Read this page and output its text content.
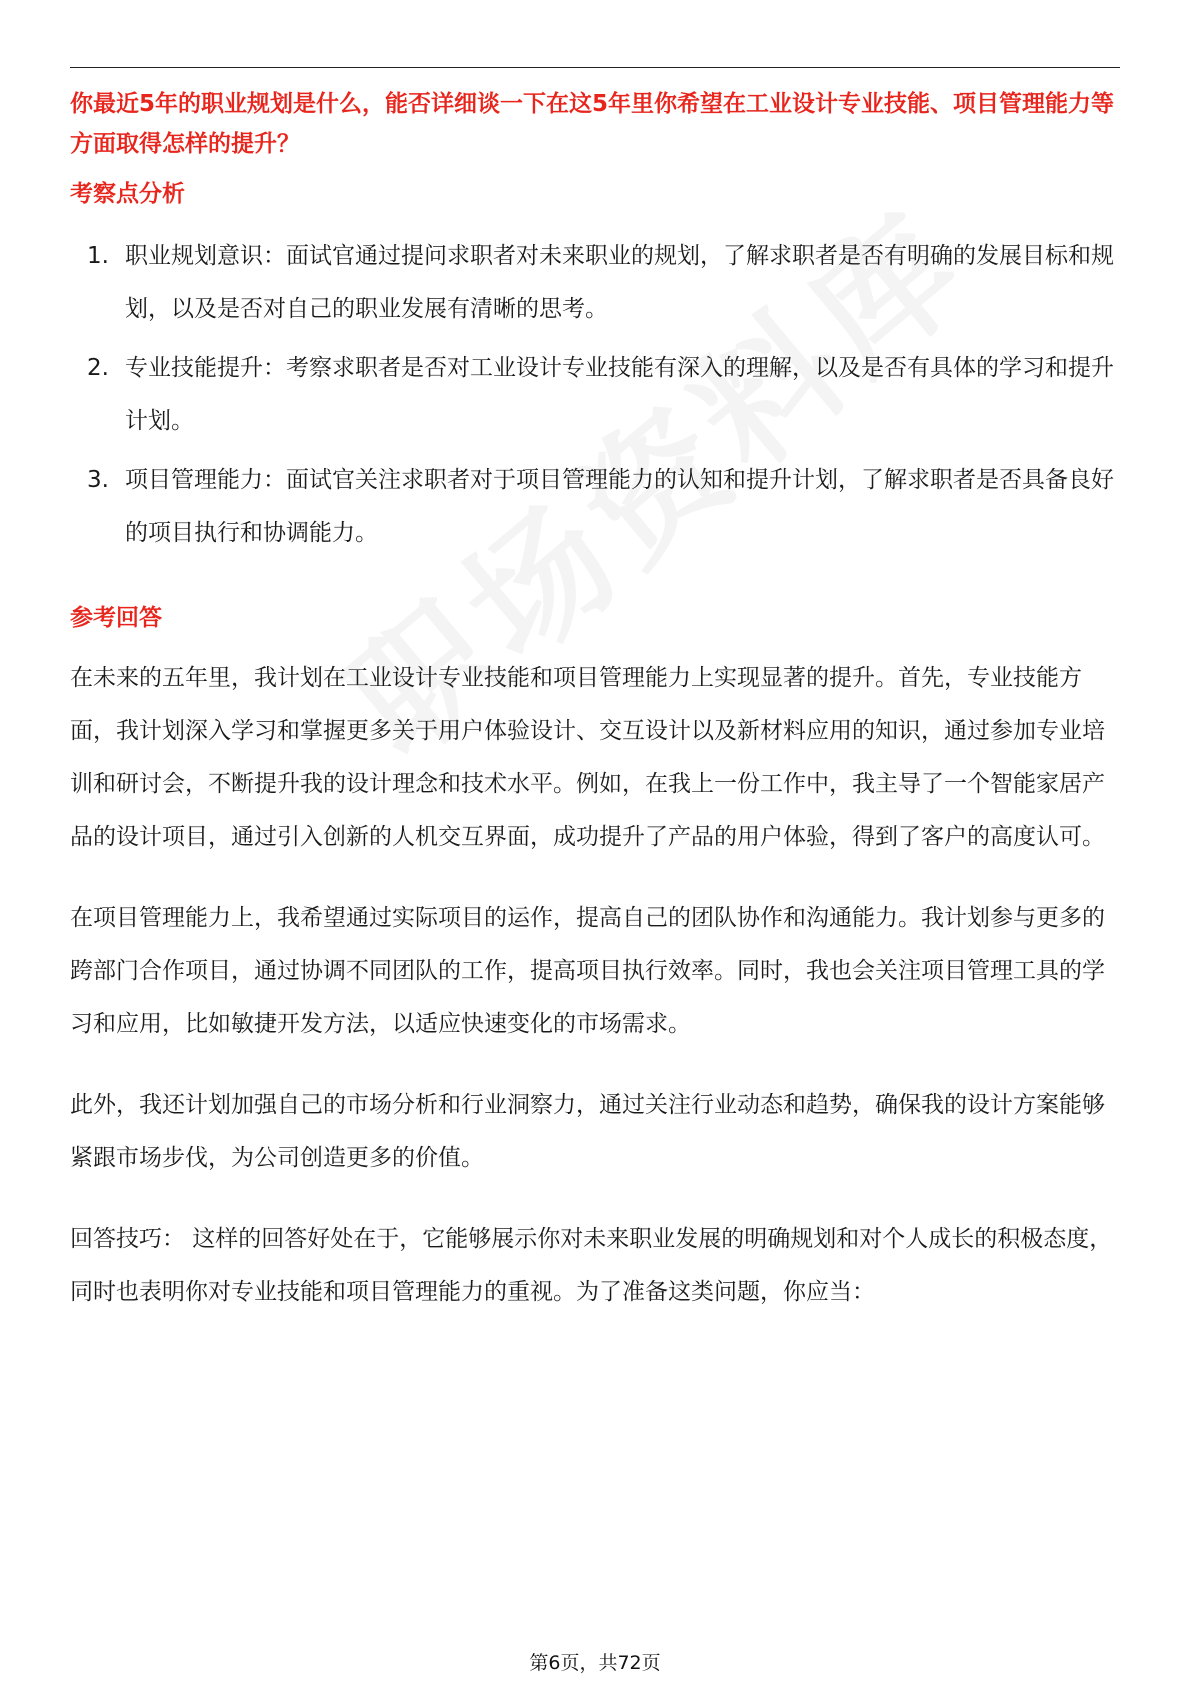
你最近5年的职业规划是什么，能否详细谈一下在这5年里你希望在工业设计专业技能、项目管理能力等方面取得怎样的提升？

考察点分析
1. 职业规划意识：面试官通过提问求职者对未来职业的规划，了解求职者是否有明确的发展目标和规划，以及是否对自己的职业发展有清晰的思考。
2. 专业技能提升：考察求职者是否对工业设计专业技能有深入的理解，以及是否有具体的学习和提升计划。
3. 项目管理能力：面试官关注求职者对于项目管理能力的认知和提升计划，了解求职者是否具备良好的项目执行和协调能力。
参考回答

在未来的五年里，我计划在工业设计专业技能和项目管理能力上实现显著的提升。首先，专业技能方面，我计划深入学习和掌握更多关于用户体验设计、交互设计以及新材料应用的知识，通过参加专业培训和研讨会，不断提升我的设计理念和技术水平。例如，在我上一份工作中，我主导了一个智能家居产品的设计项目，通过引入创新的人机交互界面，成功提升了产品的用户体验，得到了客户的高度认可。

在项目管理能力上，我希望通过实际项目的运作，提高自己的团队协作和沟通能力。我计划参与更多的跨部门合作项目，通过协调不同团队的工作，提高项目执行效率。同时，我也会关注项目管理工具的学习和应用，比如敏捷开发方法，以适应快速变化的市场需求。

此外，我还计划加强自己的市场分析和行业洞察力，通过关注行业动态和趋势，确保我的设计方案能够紧跟市场步伐，为公司创造更多的价值。

回答技巧： 这样的回答好处在于，它能够展示你对未来职业发展的明确规划和对个人成长的积极态度，同时也表明你对专业技能和项目管理能力的重视。为了准备这类问题，你应当：

第6页，共72页
